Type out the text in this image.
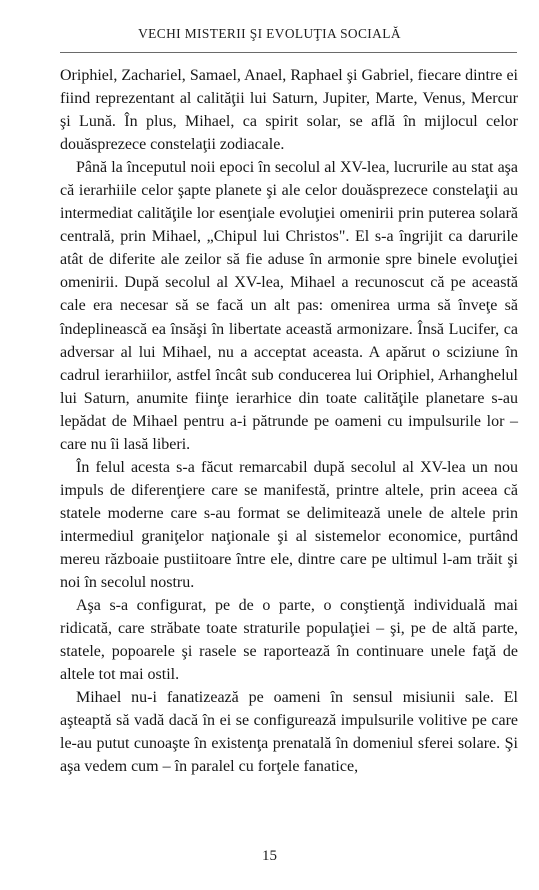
VECHI MISTERII ŞI EVOLUŢIA SOCIALĂ

Oriphiel, Zachariel, Samael, Anael, Raphael şi Gabriel, fiecare dintre ei fiind reprezentant al calităţii lui Saturn, Jupiter, Marte, Venus, Mercur şi Lună. În plus, Mihael, ca spirit solar, se află în mijlocul celor douăsprezece constelaţii zodiacale.

Până la începutul noii epoci în secolul al XV-lea, lucrurile au stat aşa că ierarhiile celor şapte planete şi ale celor douăsprezece constelaţii au intermediat calităţile lor esenţiale evoluţiei omenirii prin puterea solară centrală, prin Mihael, „Chipul lui Christos". El s-a îngrijit ca darurile atât de diferite ale zeilor să fie aduse în armonie spre binele evoluţiei omenirii. După secolul al XV-lea, Mihael a recunoscut că pe această cale era necesar să se facă un alt pas: omenirea urma să înveţe să îndeplinească ea însăşi în libertate această armonizare. Însă Lucifer, ca adversar al lui Mihael, nu a acceptat aceasta. A apărut o sciziune în cadrul ierarhiilor, astfel încât sub conducerea lui Oriphiel, Arhanghelul lui Saturn, anumite fiinţe ierarhice din toate calităţile planetare s-au lepădat de Mihael pentru a-i pătrunde pe oameni cu impulsurile lor – care nu îi lasă liberi.

În felul acesta s-a făcut remarcabil după secolul al XV-lea un nou impuls de diferenţiere care se manifestă, printre altele, prin aceea că statele moderne care s-au format se delimitează unele de altele prin intermediul graniţelor naţionale şi al sistemelor economice, purtând mereu războaie pustiitoare între ele, dintre care pe ultimul l-am trăit şi noi în secolul nostru.

Aşa s-a configurat, pe de o parte, o conştienţă individuală mai ridicată, care străbate toate straturile populaţiei – şi, pe de altă parte, statele, popoarele şi rasele se raportează în continuare unele faţă de altele tot mai ostil.

Mihael nu-i fanatizează pe oameni în sensul misiunii sale. El aşteaptă să vadă dacă în ei se configurează impulsurile volitive pe care le-au putut cunoaşte în existenţa prenatală în domeniul sferei solare. Şi aşa vedem cum – în paralel cu forţele fanatice,

15
